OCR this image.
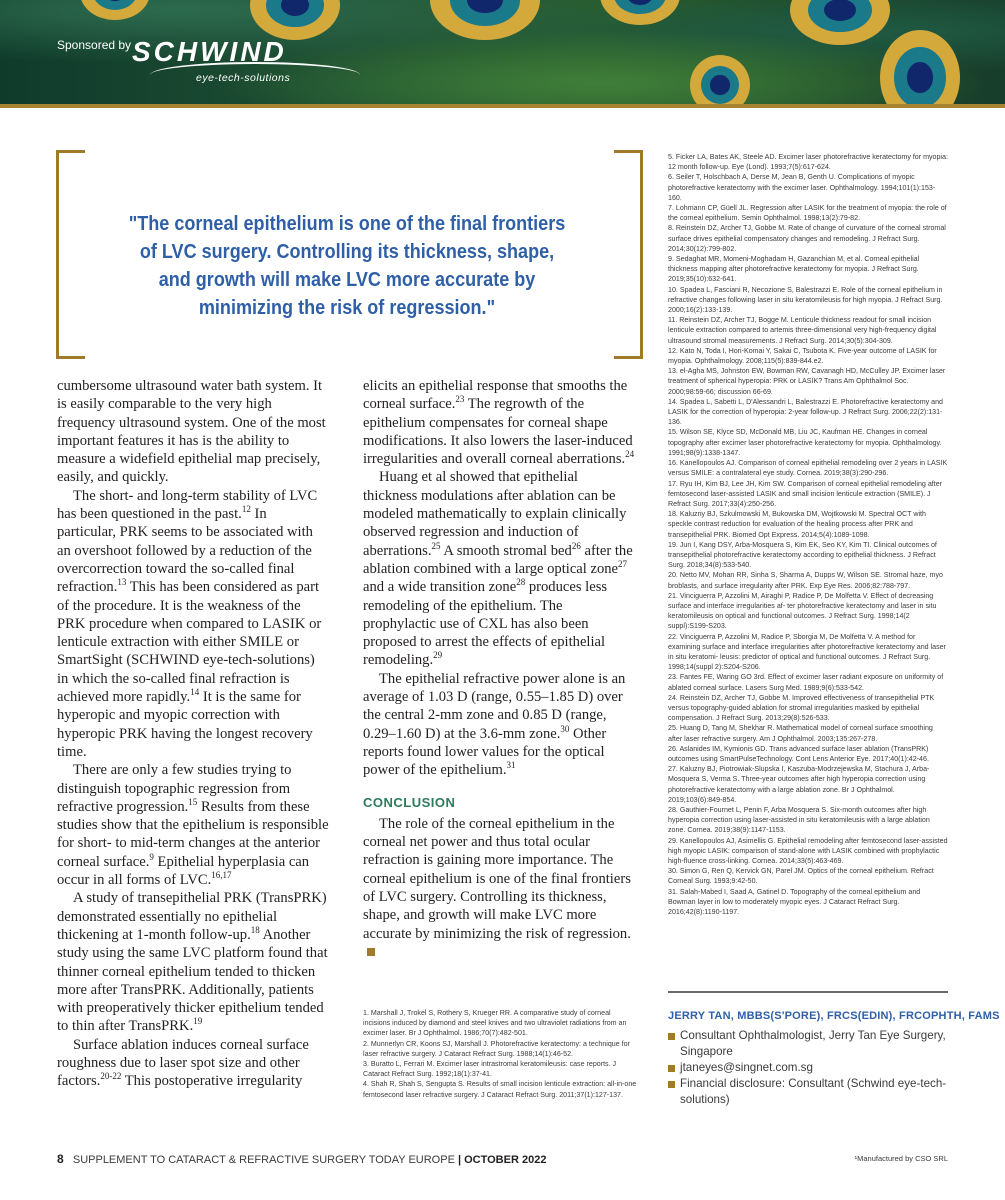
Sponsored by SCHWIND
eye-tech-solutions
"The corneal epithelium is one of the final frontiers of LVC surgery. Controlling its thickness, shape, and growth will make LVC more accurate by minimizing the risk of regression."

cumbersome ultrasound water bath system. It is easily comparable to the very high frequency ultrasound system. One of the most important features it has is the ability to measure a widefield epithelial map precisely, easily, and quickly.

The short- and long-term stability of LVC has been questioned in the past.$^{12}$ In particular, PRK seems to be associated with an overshoot followed by a reduction of the overcorrection toward the so-called final refraction.$^{13}$ This has been considered as part of the procedure. It is the weakness of the PRK procedure when compared to LASIK or lenticule extraction with either SMILE or SmartSight (SCHWIND eye-tech-solutions) in which the so-called final refraction is achieved more rapidly.$^{14}$ It is the same for hyperopic and myopic correction with hyperopic PRK having the longest recovery time.

There are only a few studies trying to distinguish topographic regression from refractive progression.$^{15}$ Results from these studies show that the epithelium is responsible for short- to mid-term changes at the anterior corneal surface.$^9$ Epithelial hyperplasia can occur in all forms of LVC.$^{16,17}$

A study of transepithelial PRK (TransPRK) demonstrated essentially no epithelial thickening at 1-month follow-up.$^{18}$ Another study using the same LVC platform found that thinner corneal epithelium tended to thicken more after TransPRK. Additionally, patients with preoperatively thicker epithelium tended to thin after TransPRK.$^{19}$

Surface ablation induces corneal surface roughness due to laser spot size and other factors.$^{20-22}$ This postoperative irregularity

elicits an epithelial response that smooths the corneal surface.$^{23}$ The regrowth of the epithelium compensates for corneal shape modifications. It also lowers the laser-induced irregularities and overall corneal aberrations.$^{24}$

Huang et al showed that epithelial thickness modulations after ablation can be modeled mathematically to explain clinically observed regression and induction of aberrations.$^{25}$ A smooth stromal bed$^{26}$ after the ablation combined with a large optical zone$^{27}$ and a wide transition zone$^{28}$ produces less remodeling of the epithelium. The prophylactic use of CXL has also been proposed to arrest the effects of epithelial remodeling.$^{29}$

The epithelial refractive power alone is an average of 1.03 D (range, 0.55–1.85 D) over the central 2-mm zone and 0.85 D (range, 0.29–1.60 D) at the 3.6-mm zone.$^{30}$ Other reports found lower values for the optical power of the epithelium.$^{31}$

CONCLUSION

The role of the corneal epithelium in the corneal net power and thus total ocular refraction is gaining more importance. The corneal epithelium is one of the final frontiers of LVC surgery. Controlling its thickness, shape, and growth will make LVC more accurate by minimizing the risk of regression.

5. Ficker LA, Bates AK, Steele AD. Excimer laser photorefractive keratectomy for myopia: 12 month follow-up. Eye (Lond). 1993;7(5):617-624.
6. Seiler T, Holschbach A, Derse M, Jean B, Genth U. Complications of myopic photorefractive keratectomy with the excimer laser. Ophthalmology. 1994;101(1):153-160.
7. Lohmann CP, Güell JL. Regression after LASIK for the treatment of myopia: the role of the corneal epithelium. Semin Ophthalmol. 1998;13(2):79-82.
8. Reinstein DZ, Archer TJ, Gobbe M. Rate of change of curvature of the corneal stromal surface drives epithelial compensatory changes and remodeling. J Refract Surg. 2014;30(12):799-802.
9. Sedaghat MR, Momeni-Moghadam H, Gazanchian M, et al. Corneal epithelial thickness mapping after photorefractive keratectomy for myopia. J Refract Surg. 2019;35(10):632-641.
10. Spadea L, Fasciani R, Necozione S, Balestrazzi E. Role of the corneal epithelium in refractive changes following laser in situ keratomileusis for high myopia. J Refract Surg. 2000;16(2):133-139.
11. Reinstein DZ, Archer TJ, Bogge M. Lenticule thickness readout for small incision lenticule extraction compared to artemis three-dimensional very high-frequency digital ultrasound stromal measurements. J Refract Surg. 2014;30(5):304-309.
12. Kato N, Toda I, Hori-Komai Y, Sakai C, Tsubota K. Five-year outcome of LASIK for myopia. Ophthalmology. 2008;115(5):839-844.e2.
13. el-Agha MS, Johnston EW, Bowman RW, Cavanagh HD, McCulley JP. Excimer laser treatment of spherical hyperopia: PRK or LASIK? Trans Am Ophthalmol Soc. 2000;98:59-66; discussion 66-69.
14. Spadea L, Sabetti L, D'Alessandri L, Balestrazzi E. Photorefractive keratectomy and LASIK for the correction of hyperopia: 2-year follow-up. J Refract Surg. 2006;22(2):131-136.
15. Wilson SE, Klyce SD, McDonald MB, Liu JC, Kaufman HE. Changes in corneal topography after excimer laser photorefractive keratectomy for myopia. Ophthalmology. 1991;98(9):1338-1347.
16. Kanellopoulos AJ. Comparison of corneal epithelial remodeling over 2 years in LASIK versus SMILE: a contralateral eye study. Cornea. 2019;38(3):290-296.
17. Ryu IH, Kim BJ, Lee JH, Kim SW. Comparison of corneal epithelial remodeling after femtosecond laser-assisted LASIK and small incision lenticule extraction (SMILE). J Refract Surg. 2017;33(4):250-256.
18. Kaluzny BJ, Szkulmowski M, Bukowska DM, Wojtkowski M. Spectral OCT with speckle contrast reduction for evaluation of the healing process after PRK and transepithelial PRK. Biomed Opt Express. 2014;5(4):1089-1098.
19. Jun I, Kang DSY, Arba-Mosquera S, Kim EK, Seo KY, Kim TI. Clinical outcomes of transepithelial photorefractive keratectomy according to epithelial thickness. J Refract Surg. 2018;34(8):533-540.
20. Netto MV, Mohan RR, Sinha S, Sharma A, Dupps W, Wilson SE. Stromal haze, myo broblasts, and surface irregularity after PRK. Exp Eye Res. 2006;82:788-797.
21. Vinciguerra P, Azzolini M, Airaghi P, Radice P, De Molfetta V. Effect of decreasing surface and interface irregularities af- ter photorefractive keratectomy and laser in situ keratomileusis on optical and functional outcomes. J Refract Surg. 1998;14(2 suppl):S199-S203.
22. Vinciguerra P, Azzolini M, Radice P, Sborgia M, De Molfetta V. A method for examining surface and interface irregularities after photorefractive keratectomy and laser in situ keratomi- leusis: predictor of optical and functional outcomes. J Refract Surg. 1998;14(suppl 2):S204-S206.
23. Fantes FE, Waring GO 3rd. Effect of excimer laser radiant exposure on uniformity of ablated corneal surface. Lasers Surg Med. 1989;9(6):533-542.
24. Reinstein DZ, Archer TJ, Gobbe M. Improved effectiveness of transepithelial PTK versus topography-guided ablation for stromal irregularities masked by epithelial compensation. J Refract Surg. 2013;29(8):526-533.
25. Huang D, Tang M, Shekhar R. Mathematical model of corneal surface smoothing after laser refractive surgery. Am J Ophthalmol. 2003;135:267-278.
26. Aslanides IM, Kymionis GD. Trans advanced surface laser ablation (TransPRK) outcomes using SmartPulseTechnology. Cont Lens Anterior Eye. 2017;40(1):42-46.
27. Kaluzny BJ, Piotrowiak-Slupska I, Kaszuba-Modrzejewska M, Stachura J, Arba-Mosquera S, Verma S. Three-year outcomes after high hyperopia correction using photorefractive keratectomy with a large ablation zone. Br J Ophthalmol. 2019;103(6):849-854.
28. Gauthier-Fournet L, Penin F, Arba Mosquera S. Six-month outcomes after high hyperopia correction using laser-assisted in situ keratomileusis with a large ablation zone. Cornea. 2019;38(9):1147-1153.
29. Kanellopoulos AJ, Asimellis G. Epithelial remodeling after femtosecond laser-assisted high myopic LASIK: comparison of stand-alone with LASIK combined with prophylactic high-fluence cross-linking. Cornea. 2014;33(5):463-469.
30. Simon G, Ren Q, Kervick GN, Parel JM. Optics of the corneal epithelium. Refract Corneal Surg. 1993;9:42-50.
31. Salah-Mabed I, Saad A, Gatinel D. Topography of the corneal epithelium and Bowman layer in low to moderately myopic eyes. J Cataract Refract Surg. 2016;42(8):1190-1197.
1. Marshall J, Trokel S, Rothery S, Krueger RR. A comparative study of corneal incisions induced by diamond and steel knives and two ultraviolet radiations from an excimer laser. Br J Ophthalmol. 1986;70(7):482-501.
2. Munnerlyn CR, Koons SJ, Marshall J. Photorefractive keratectomy: a technique for laser refractive surgery. J Cataract Refract Surg. 1988;14(1):46-52.
3. Buratto L, Ferrari M. Excimer laser intrastromal keratomileusis: case reports. J Cataract Refract Surg. 1992;18(1):37-41.
4. Shah R, Shah S, Sengupta S. Results of small incision lenticule extraction: all-in-one femtosecond laser refractive surgery. J Cataract Refract Surg. 2011;37(1):127-137.
JERRY TAN, MBBS(S'PORE), FRCS(EDIN), FRCOPHTH, FAMS
Consultant Ophthalmologist, Jerry Tan Eye Surgery, Singapore
jtaneyes@singnet.com.sg
Financial disclosure: Consultant (Schwind eye-tech-solutions)
8 SUPPLEMENT TO CATARACT & REFRACTIVE SURGERY TODAY EUROPE | OCTOBER 2022	¹Manufactured by CSO SRL
